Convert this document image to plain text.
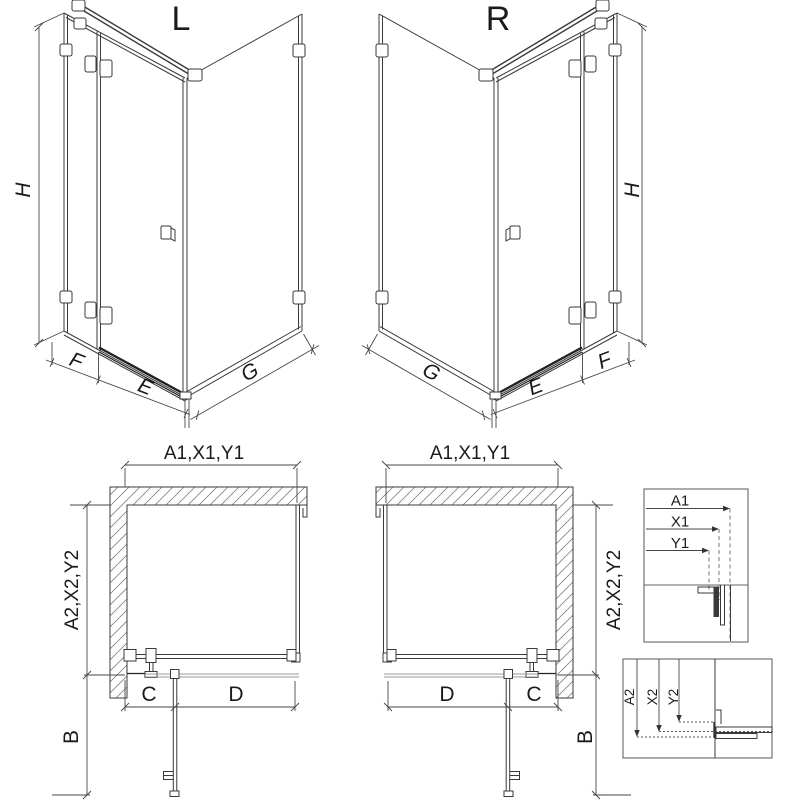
L
H
F
E
G
R
H
F
E
G
A1,X1,Y1
A2,X2,Y2
C	D
B
A1,X1,Y1
A2,X2,Y2
C
D
B
A1
X1
Y1
A2 X2 Y2
